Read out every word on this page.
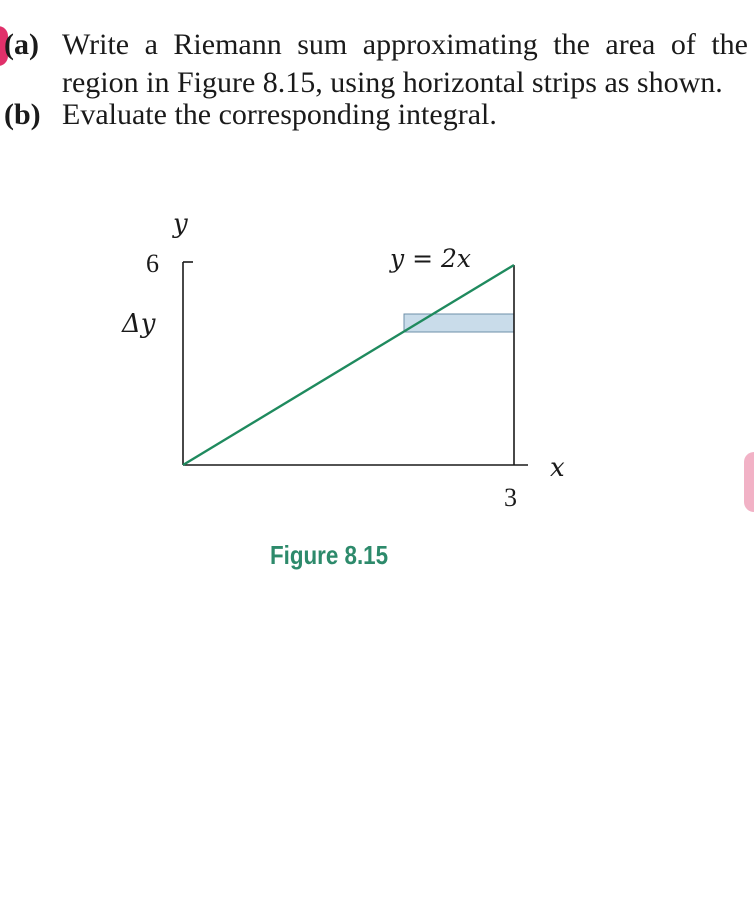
(a) Write a Riemann sum approximating the area of the region in Figure 8.15, using horizontal strips as shown.
(b) Evaluate the corresponding integral.
y
x
6
3
Δy
y = 2x
Figure 8.15
